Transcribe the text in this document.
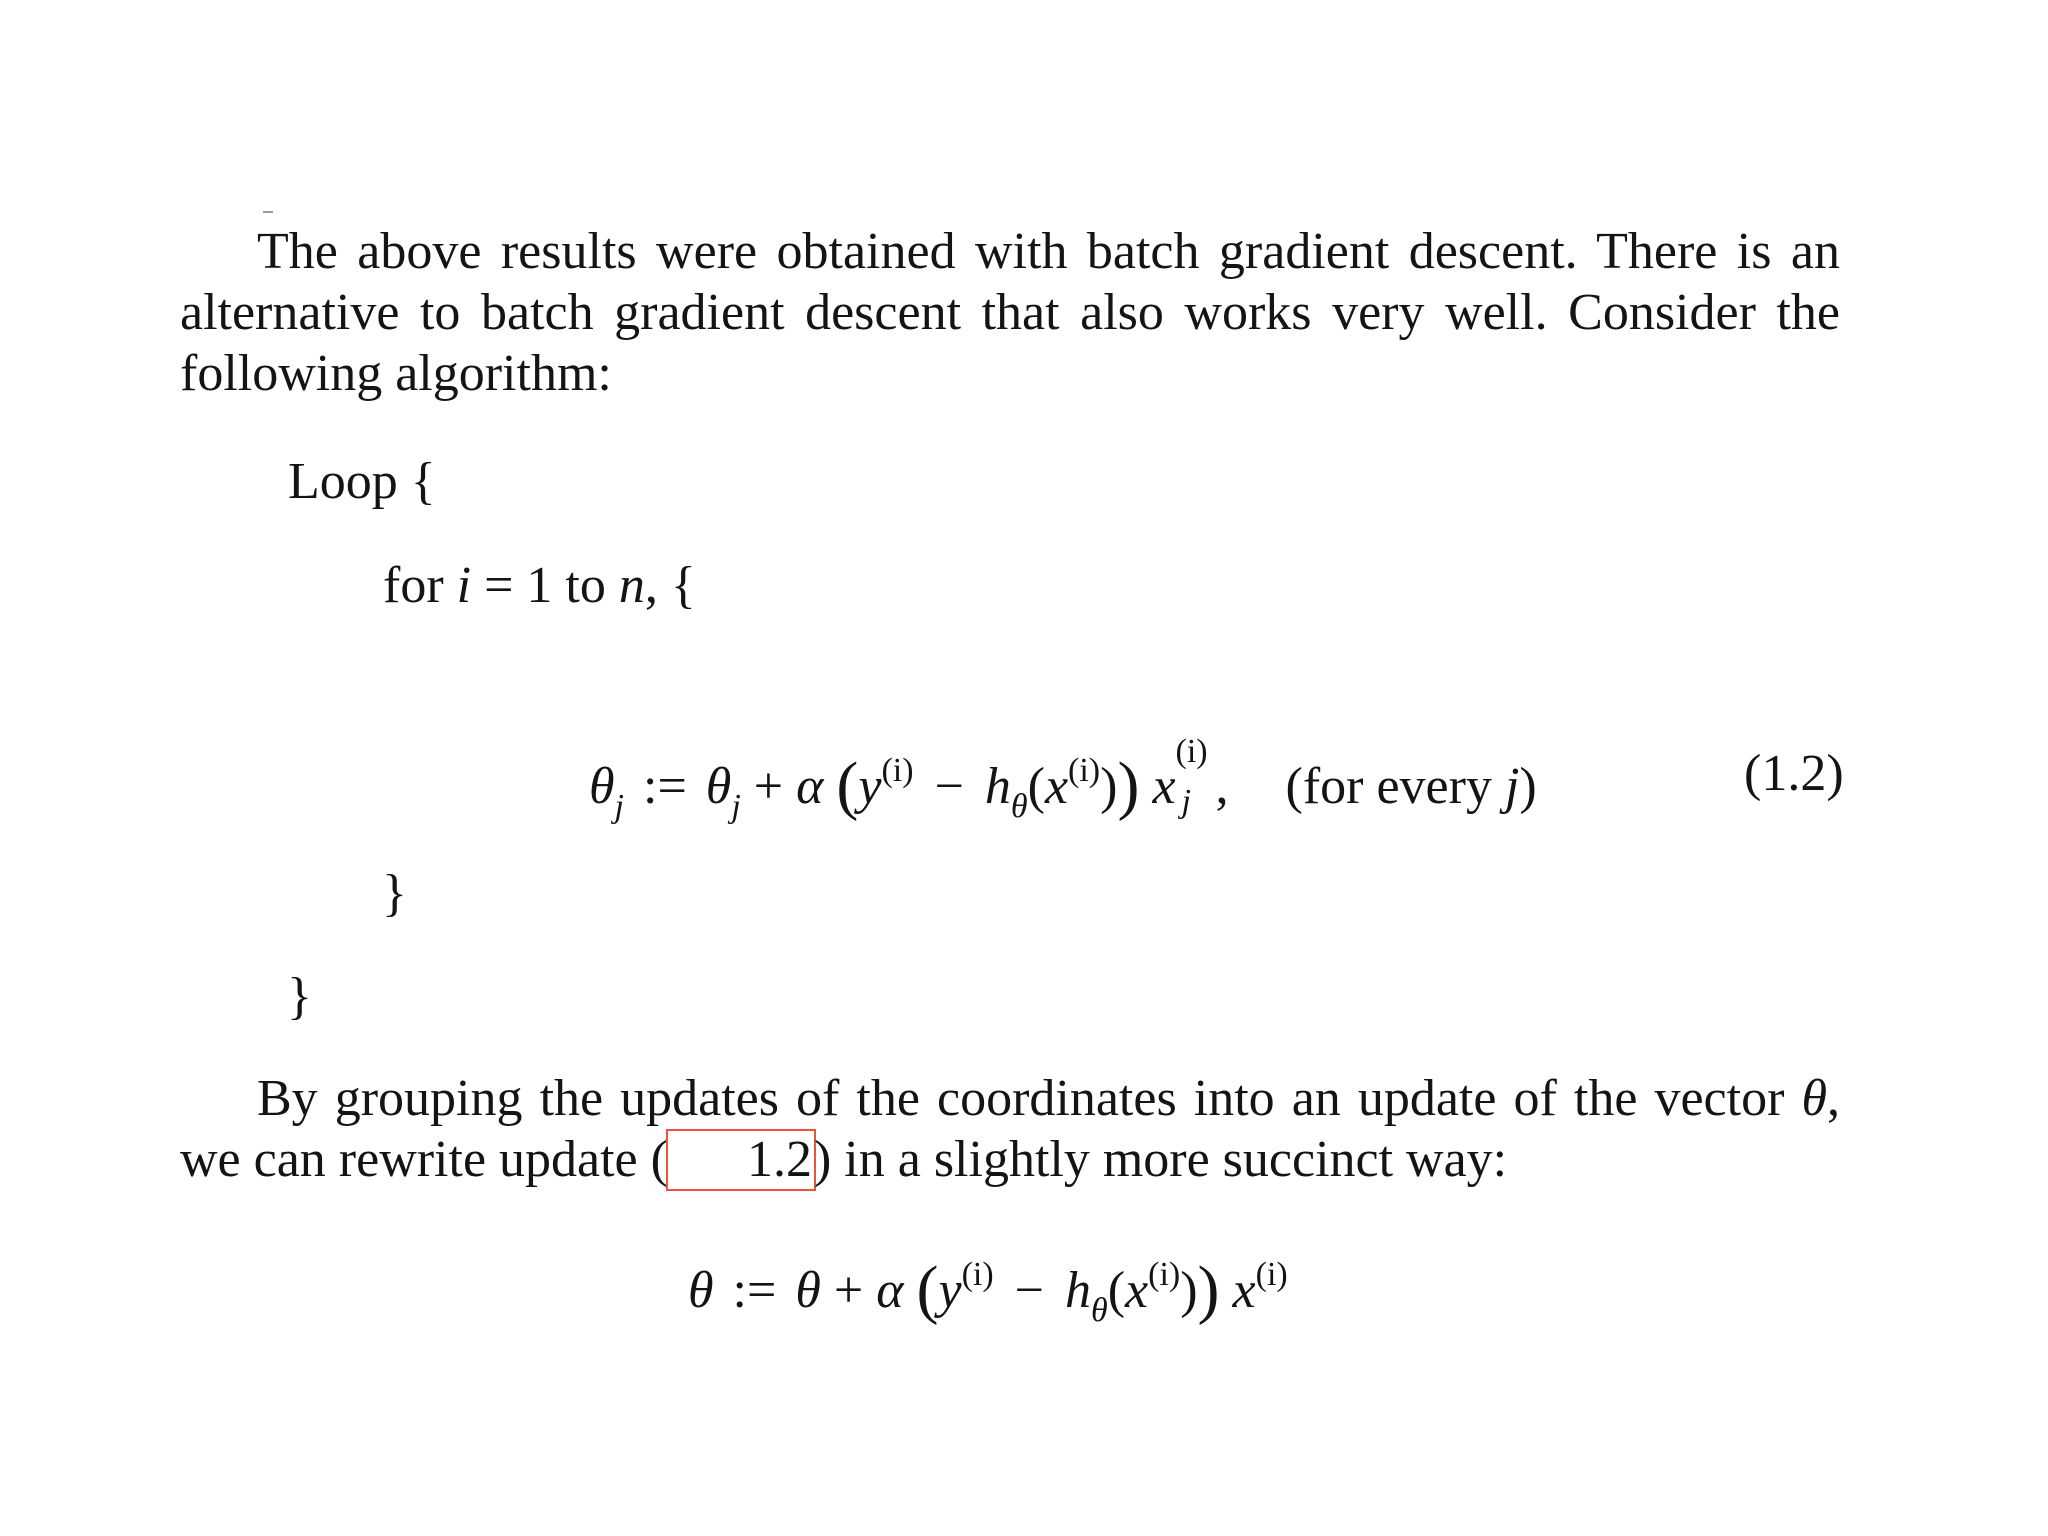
The above results were obtained with batch gradient descent. There is an alternative to batch gradient descent that also works very well. Consider the following algorithm:

Loop {
for i = 1 to n, {
$\theta_j$ := $\theta_j + \alpha$ $(y^{(i)} - h_\theta(x^{(i)}))$ x
(i)
j , (for every j)	(1.2)
}
}

By grouping the updates of the coordinates into an update of the vector θ, we can rewrite update ( 1.2) in a slightly more succinct way:

θ := θ + α $(y^{(i)} - h_\theta(x^{(i)}))$ $x^{(i)}$
